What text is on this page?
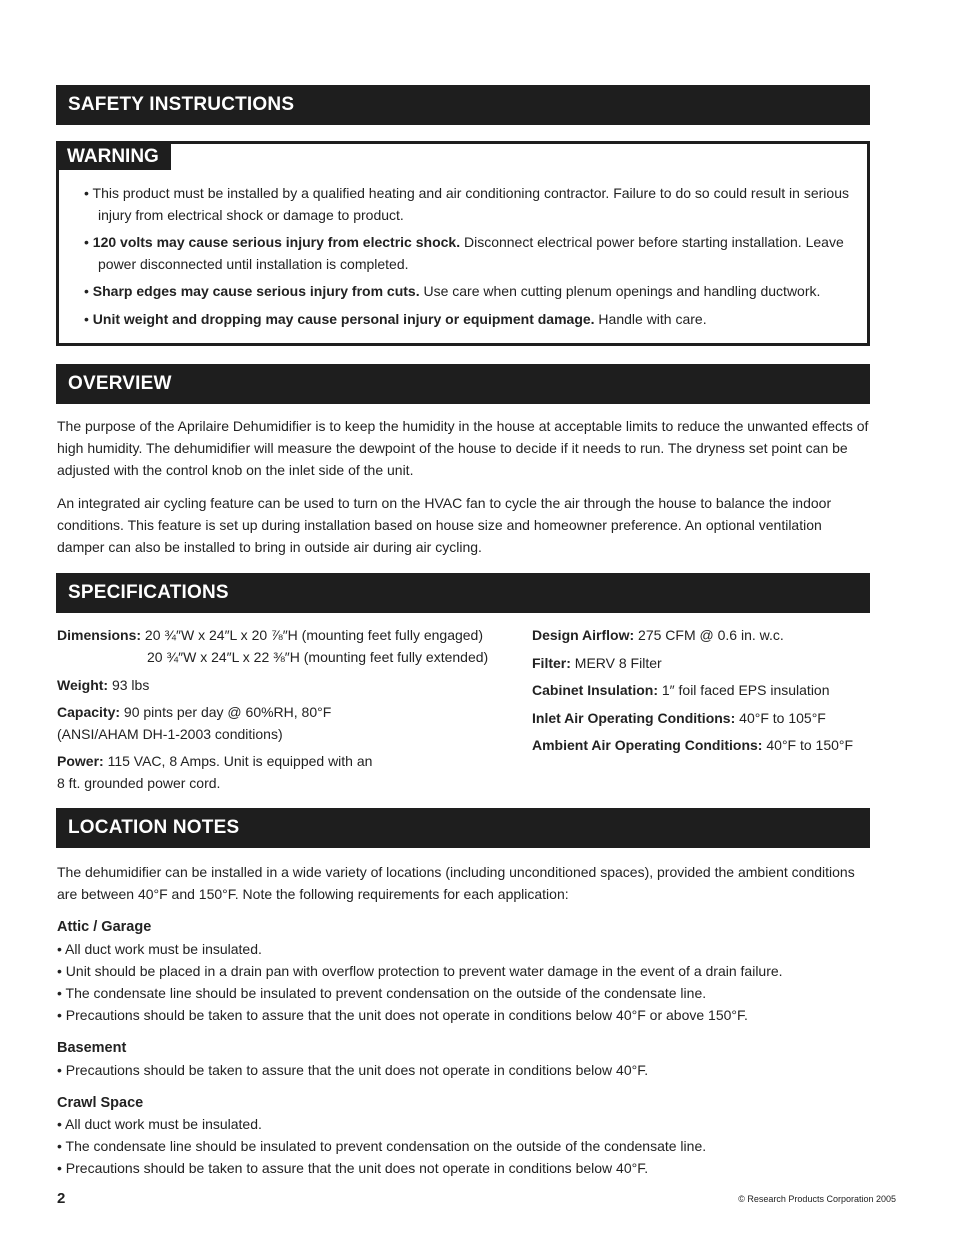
SAFETY INSTRUCTIONS
WARNING
• This product must be installed by a qualified heating and air conditioning contractor. Failure to do so could result in serious injury from electrical shock or damage to product.
• 120 volts may cause serious injury from electric shock. Disconnect electrical power before starting installation. Leave power disconnected until installation is completed.
• Sharp edges may cause serious injury from cuts. Use care when cutting plenum openings and handling ductwork.
• Unit weight and dropping may cause personal injury or equipment damage. Handle with care.
OVERVIEW
The purpose of the Aprilaire Dehumidifier is to keep the humidity in the house at acceptable limits to reduce the unwanted effects of high humidity. The dehumidifier will measure the dewpoint of the house to decide if it needs to run. The dryness set point can be adjusted with the control knob on the inlet side of the unit.
An integrated air cycling feature can be used to turn on the HVAC fan to cycle the air through the house to balance the indoor conditions. This feature is set up during installation based on house size and homeowner preference. An optional ventilation damper can also be installed to bring in outside air during air cycling.
SPECIFICATIONS
Dimensions: 20 ¾″W x 24″L x 20 ⅞″H (mounting feet fully engaged)
20 ¾″W x 24″L x 22 ⅜″H (mounting feet fully extended)
Weight: 93 lbs
Capacity: 90 pints per day @ 60%RH, 80°F
(ANSI/AHAM DH-1-2003 conditions)
Power: 115 VAC, 8 Amps. Unit is equipped with an
8 ft. grounded power cord.
Design Airflow: 275 CFM @ 0.6 in. w.c.
Filter: MERV 8 Filter
Cabinet Insulation: 1″ foil faced EPS insulation
Inlet Air Operating Conditions: 40°F to 105°F
Ambient Air Operating Conditions: 40°F to 150°F
LOCATION NOTES
The dehumidifier can be installed in a wide variety of locations (including unconditioned spaces), provided the ambient conditions are between 40°F and 150°F. Note the following requirements for each application:
Attic / Garage
• All duct work must be insulated.
• Unit should be placed in a drain pan with overflow protection to prevent water damage in the event of a drain failure.
• The condensate line should be insulated to prevent condensation on the outside of the condensate line.
• Precautions should be taken to assure that the unit does not operate in conditions below 40°F or above 150°F.
Basement
• Precautions should be taken to assure that the unit does not operate in conditions below 40°F.
Crawl Space
• All duct work must be insulated.
• The condensate line should be insulated to prevent condensation on the outside of the condensate line.
• Precautions should be taken to assure that the unit does not operate in conditions below 40°F.
2	© Research Products Corporation 2005
